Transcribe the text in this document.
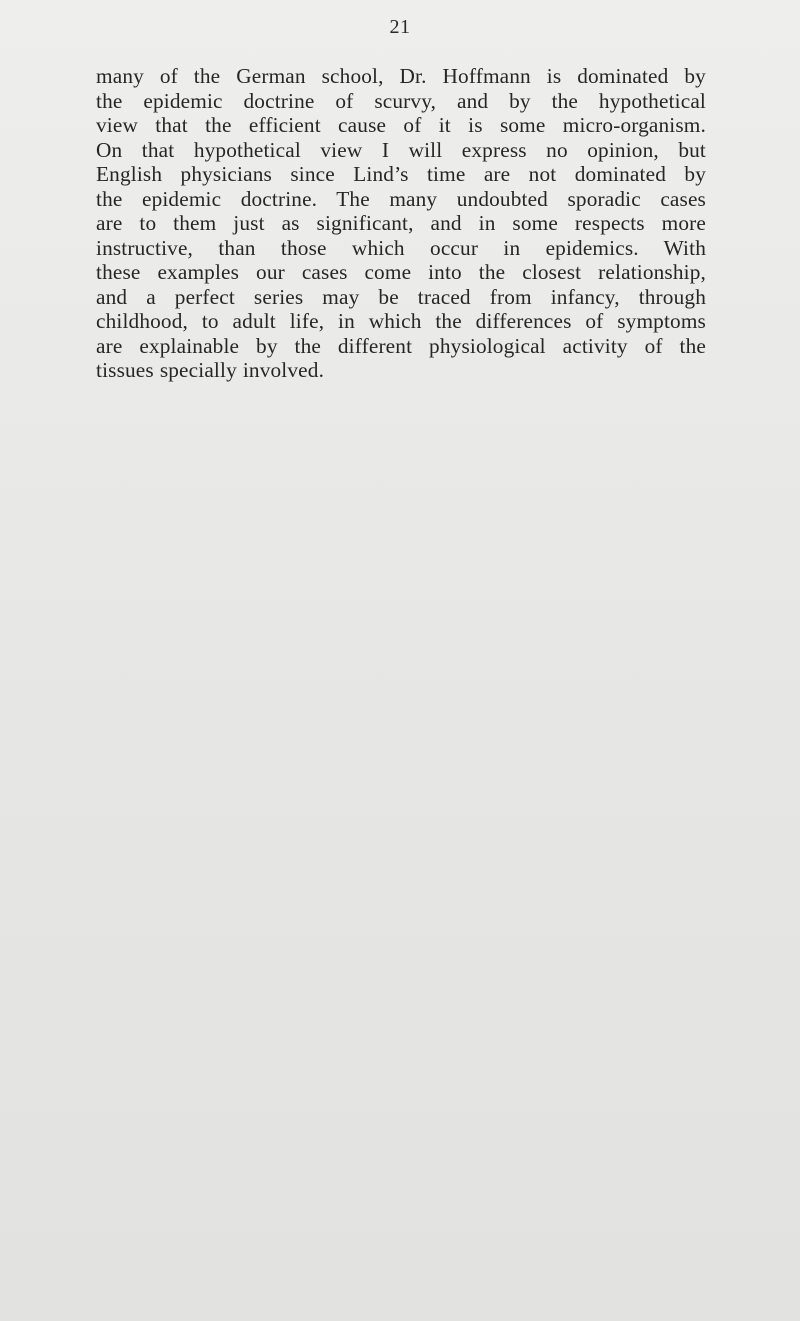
21
many of the German school, Dr. Hoffmann is dominated by
the epidemic doctrine of scurvy, and by the hypothetical
view that the efficient cause of it is some micro-organism.
On that hypothetical view I will express no opinion, but
English physicians since Lind’s time are not dominated by
the epidemic doctrine. The many undoubted sporadic cases
are to them just as significant, and in some respects more
instructive, than those which occur in epidemics. With
these examples our cases come into the closest relationship,
and a perfect series may be traced from infancy, through
childhood, to adult life, in which the differences of symptoms
are explainable by the different physiological activity of the
tissues specially involved.
